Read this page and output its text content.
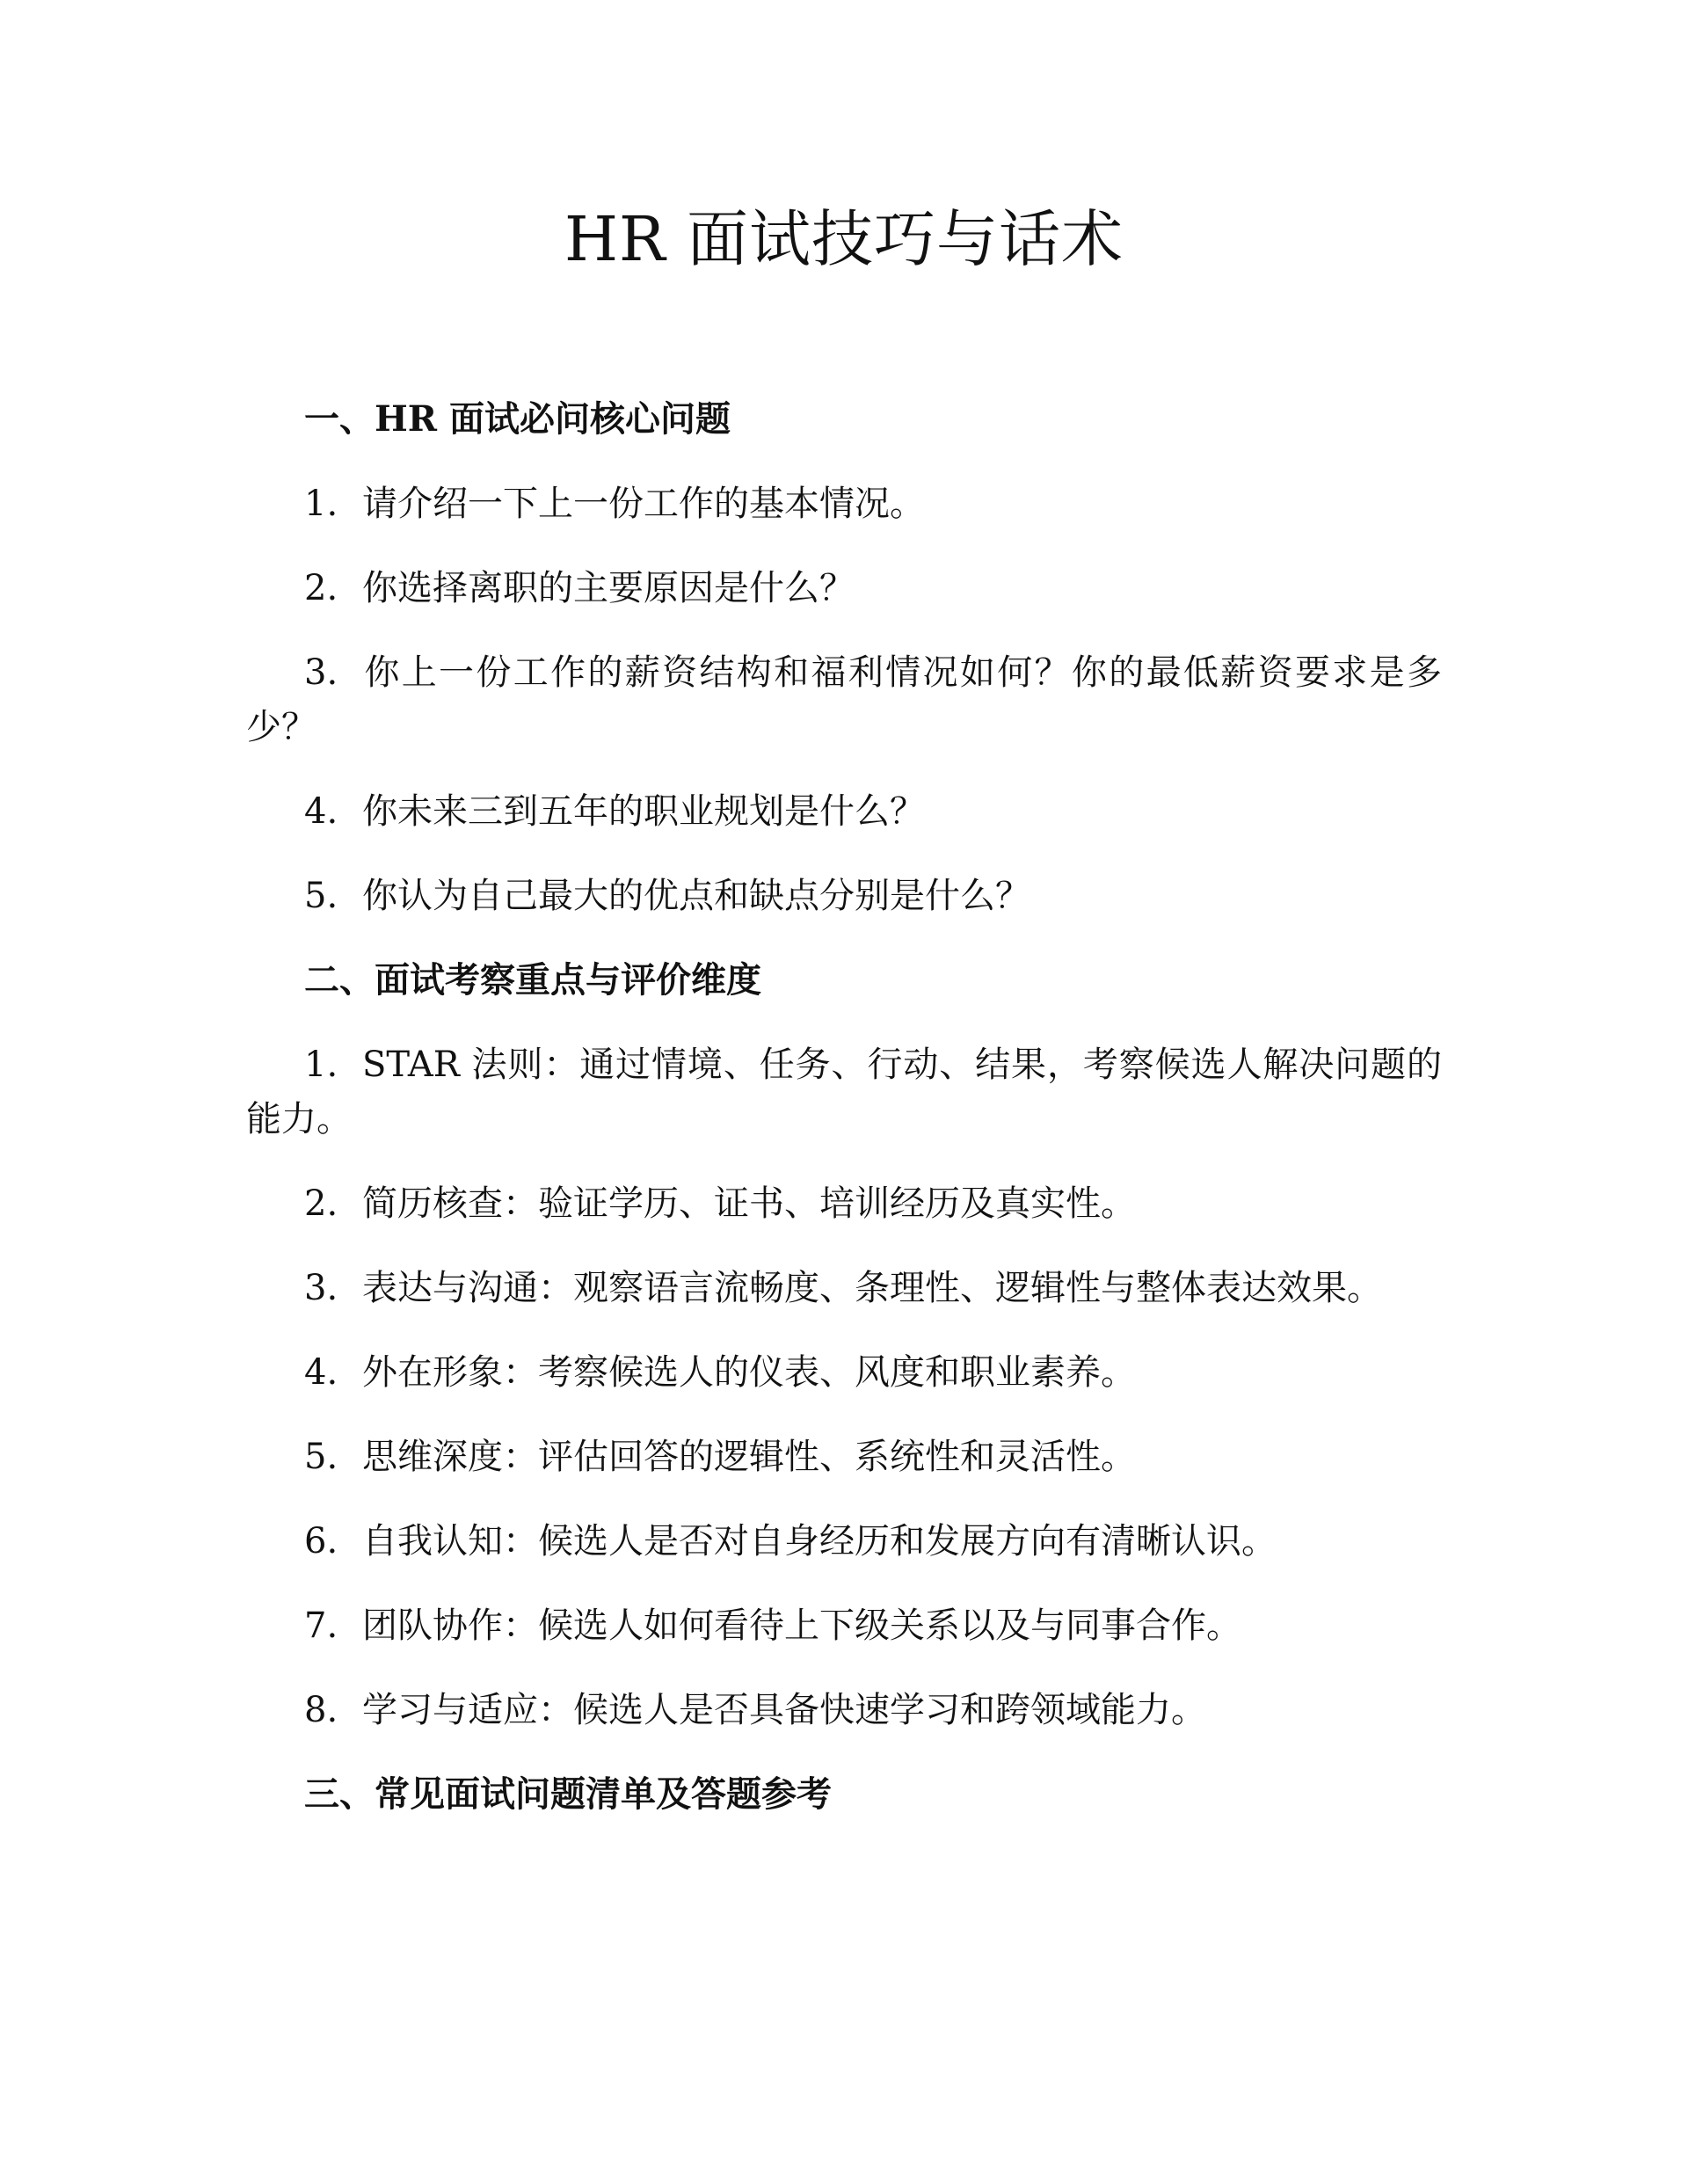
HR 面试技巧与话术

一、HR 面试必问核心问题

1. 请介绍一下上一份工作的基本情况。

2. 你选择离职的主要原因是什么？

3. 你上一份工作的薪资结构和福利情况如何？你的最低薪资要求是多少？

4. 你未来三到五年的职业规划是什么？

5. 你认为自己最大的优点和缺点分别是什么？

二、面试考察重点与评价维度

1. STAR 法则：通过情境、任务、行动、结果，考察候选人解决问题的能力。

2. 简历核查：验证学历、证书、培训经历及真实性。

3. 表达与沟通：观察语言流畅度、条理性、逻辑性与整体表达效果。

4. 外在形象：考察候选人的仪表、风度和职业素养。

5. 思维深度：评估回答的逻辑性、系统性和灵活性。

6. 自我认知：候选人是否对自身经历和发展方向有清晰认识。

7. 团队协作：候选人如何看待上下级关系以及与同事合作。

8. 学习与适应：候选人是否具备快速学习和跨领域能力。

三、常见面试问题清单及答题参考
